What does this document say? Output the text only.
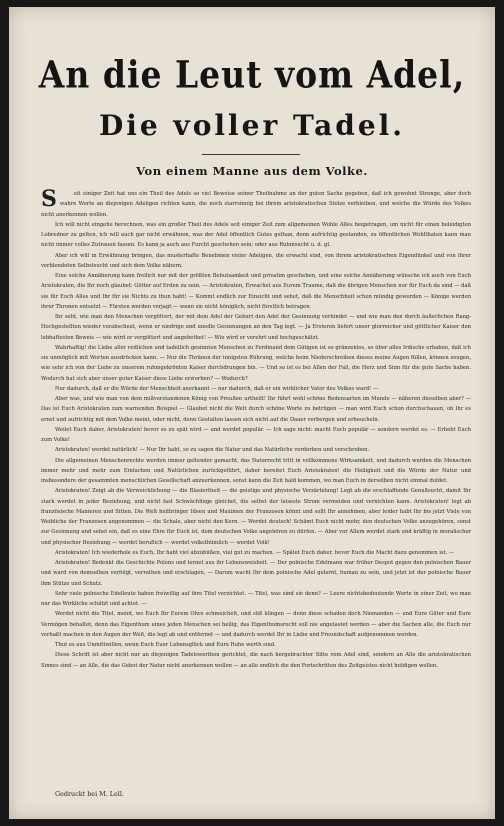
An die Leut vom Adel,
Die voller Tadel.
Von einem Manne aus dem Volke.

S	eit einiger Zeit hat uns ein Theil des Adels so viel Beweise seiner Theilnahme an der guten Sache gegeben, daß ich gewohnt Strenge, aber doch wahre Worte an diejenigen Adeligen richten kann, die noch starrsinnig bei ihrem aristokratischen Stolze verbleiben, und welche die Würde des Volkes nicht anerkennen wollen.

Ich will nicht eingehe berechnen, was ein großer Theil des Adels seit einiger Zeit zum allgemeinen Wohle Alles beigetragen, um nicht für einen beleidigten Lobredner zu gelten, ich will auch gar nicht erwähnen, was der Adel öffentlich Gutes gethan, denn aufrichtig gestanden, zu öffentlichen Wohlthaten kann man nicht immer volles Zutrauen fassen. Es kann ja auch aus Furcht geschehen sein; oder aus Ruhmsucht u. d. gl.

Aber ich will in Erwähnung bringen, das musterhafte Benehmen vieler Adeligen, die erwacht sind, von ihrem aristokratischen Eigendünkel und von ihrer verblendeten Selbstsucht und sich dem Volke nähern.

Eine solche Annäherung kann freilich nur mit der größten Behutsamkeit und privatim geschehen, und eine solche Annäherung wünsche ich auch von Euch Aristokraten, die Ihr noch glaubet: Götter auf Erden zu sein. — Aristokraten, Erwachet aus Eurem Traume, daß die übrigen Menschen nur für Euch da sind — daß sie für Euch Alles und Ihr für sie Nichts zu thun habt! — Kommt endlich zur Einsicht und sehet, daß die Menschheit schon mündig geworden — Könige werden ihrer Thronen entsetzt — Fürsten werden verjagt — wenn sie nicht königlich, nicht fürstlich betragen.

Ihr seht, wie man den Menschen vergöttert, der mit dem Adel der Geburt den Adel der Gesinnung verbindet — und wie man den durch äußerlichen Rang-Hochgestellten wieder verabscheut, wenn er niedrige und unedle Gesinnungen an den Tag legt. — Ja Ersteren liefert unser glorreicher und göttlicher Kaiser den lebhaftesten Beweis — wie wird er vergöttert und angebethet! — Wie wird er verehrt und hochgeschätzt.

Wahrhaftig! die Liebe aller redlichen und tadellich gesinnten Menschen zu Ferdinand dem Gütigen ist so gränzenlos, so über alles Irdische erhaben, daß ich sie unmöglich mit Worten ausdrücken kann. — Nur die Thränen der innigsten Rührung, welche beim Niederschreiben dieses meine Augen füllen, können zeugen, wie sehr ich von der Liebe zu unserem ruhmgekrönten Kaiser durchdrungen bin. — Und so ist es bei Allen der Fall, die Herz und Sinn für die gute Sache haben. Wodurch hat sich aber unser guter Kaiser diese Liebe erworben? — Wodurch?

Nur dadurch, daß er die Würde der Menschheit anerkannt — nur dadurch, daß er ein wirklicher Vater des Volkes ward! —

Aber was, und wie man von dem mißverstandenen König von Preußen urtheilt! Ihr führt wohl schöne Redensarten im Munde — näheren dieselben aber? — Das ist Euch Aristokraten zum warnenden Beispiel — Glaubet nicht die Welt durch schöne Worte zu betrügen — man wird Euch schon durchschauen, ob Ihr es ernst und aufrichtig mit dem Volke meint, oder nicht, denn Gestalten lassen sich nicht auf die Dauer verbergen und erheucheln.

Weilet Euch daher, Aristokraten! bevor es zu spät wird — und werdet populär. — Ich sage nicht: macht Euch populär — sondern werdet es. — Erhebt Euch zum Volke!

Aristokraten! werdet natürlich! — Nur Ihr habt, so zu sagen die Natur und das Natürliche verdorben und verschroben.

Die allgemeinen Menschenrechte werden immer geltender gemacht, das Naturrecht tritt in vollkommene Wirksamkeit, und dadurch werden die Menschen immer mehr und mehr zum Einfachen und Natürlichen zurückgeführt, daher bereitet Euch Aristokraten! die Heiligkeit und die Würde der Natur und insbesondere der gesammten menschlichen Gesellschaft anzuerkennen, sonst kann die Zeit bald kommen, wo man Euch in derselben nicht einmal duldet.

Aristokraten! Zeigt ab die Verweichlichung — die Blasiertheit — die geistige und physische Verzärtelung! Legt ab die erschlaffende Genußsucht, damit Ihr stark werdet in jeder Beziehung, und nicht fast Schwächlinge gleichet, die selbst der leiseste Strom vermeiden und vernichten kann. Aristokraten! legt ab französische Manieren und Sitten. Die Welt heilbringer Ideen und Maximen der Franzosen könnt und sollt Ihr annehmen, aber leider habt Ihr bis jetzt Viele von Weibliche der Franzosen angenommen — die Schale, aber nicht den Kern. — Werdet deutsch! Schämt Euch nicht mehr, den deutschen Volke anzugehören, sonst zur Gesinnung und sehet ein, daß es eine Ehre für Euch ist, dem deutschen Volke angehören zu dürfen. — Aber vor Allem werdet stark und kräftig in moralischer und physischer Beziehung — werdet beruflich — werdet volksthümlich — werdet Volk!

Aristokraten! Ich wiederhole es Euch, Ihr habt viel abzubüßen, viel gut zu machen. — Spätet Euch daher, bevor Euch die Macht dazu genommen ist. —

Aristokraten! Bedenkt die Geschichte Polens und lernet aus ihr Lebensweisheit. — Der polnische Edelmann war früher Despot gegen den polnischen Bauer und ward von demselben verfolgt, verrathen und erschlagen, — Darum wacht Ihr dem polnische Adel gelernt, human zu sein, und jetzt ist der polnische Bauer ihm Stütze und Schutz.

Sehr viele polnische Edelleute haben freiwillig auf ihre Titel verzichtet. — Titel, was sind sie denn? — Leere nichtsbedeutende Worte in einer Zeit, wo man nur das Wirkliche schätzt und achtet. —

Werdet nicht die Titel, meint, wo Euch Ihr Eurem Ohre schmeichelt, und süß klingen — denn diese schaden doch Niemanden — und Eure Güter und Eure Vermögen behaltet, denn das Eigenthum eines jeden Menschen sei heilig, das Eigenthumsrecht soll nie angetastet werden — aber die Sachen alle, die Euch nur verhaßt machen in den Augen der Welt, die legt ab und entfernet — und dadurch werdet Ihr in Liebe und Freundschaft aufgenommen werden.

Thut es aus Unmittwillen, wenn Euch Euer Lebensglück und Eure Ruhe werth sind.

Diese Schrift ist aber nicht nur an diejenigen Tadelswerthen gerichtet, die nach hergebrachter Sitte vom Adel sind, sondern an Alle die aristokratischen Sinnes sind — an Alle, die das Gebot der Natur nicht anerkennen wollen — an alle endlich die den Fortschritten des Zeitgeistes nicht huldigen wollen.

Gedruckt bei M. Lell.
